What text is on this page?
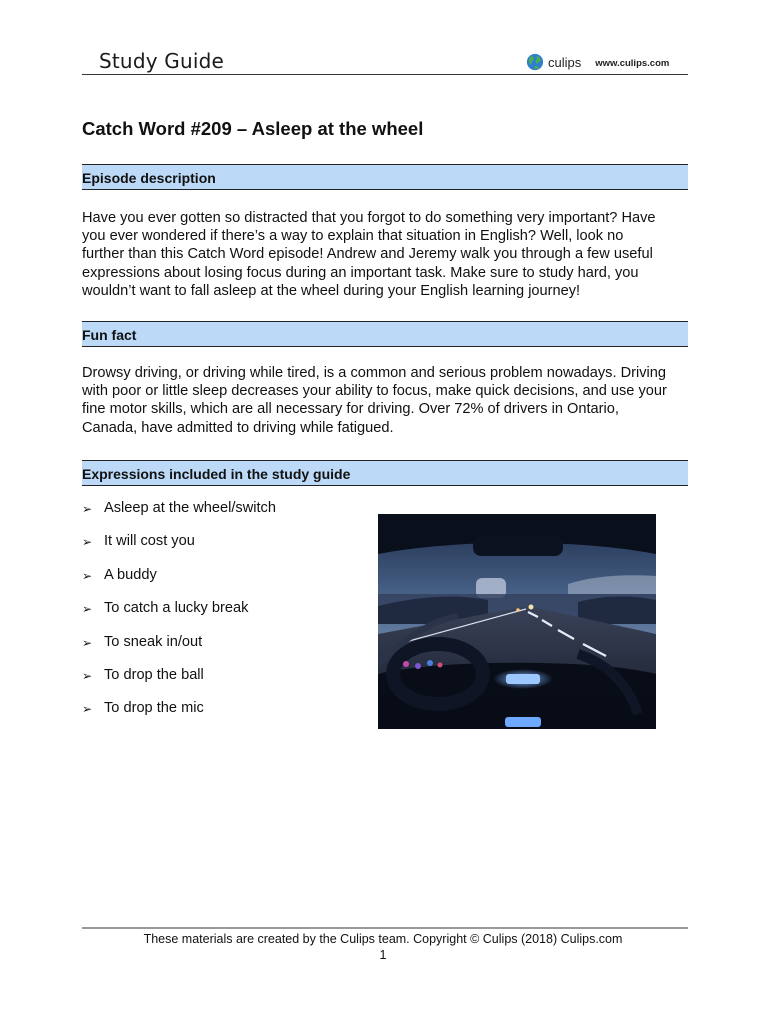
Study Guide	culips www.culips.com
Catch Word #209 – Asleep at the wheel
Episode description

Have you ever gotten so distracted that you forgot to do something very important? Have
you ever wondered if there’s a way to explain that situation in English? Well, look no
further than this Catch Word episode! Andrew and Jeremy walk you through a few useful
expressions about losing focus during an important task. Make sure to study hard, you
wouldn’t want to fall asleep at the wheel during your English learning journey!

Fun fact

Drowsy driving, or driving while tired, is a common and serious problem nowadays. Driving
with poor or little sleep decreases your ability to focus, make quick decisions, and use your
fine motor skills, which are all necessary for driving. Over 72% of drivers in Ontario,
Canada, have admitted to driving while fatigued.

Expressions included in the study guide
➢ Asleep at the wheel/switch
➢ It will cost you
➢ A buddy
➢ To catch a lucky break
➢ To sneak in/out
➢ To drop the ball
➢ To drop the mic
These materials are created by the Culips team. Copyright © Culips (2018) Culips.com
1
